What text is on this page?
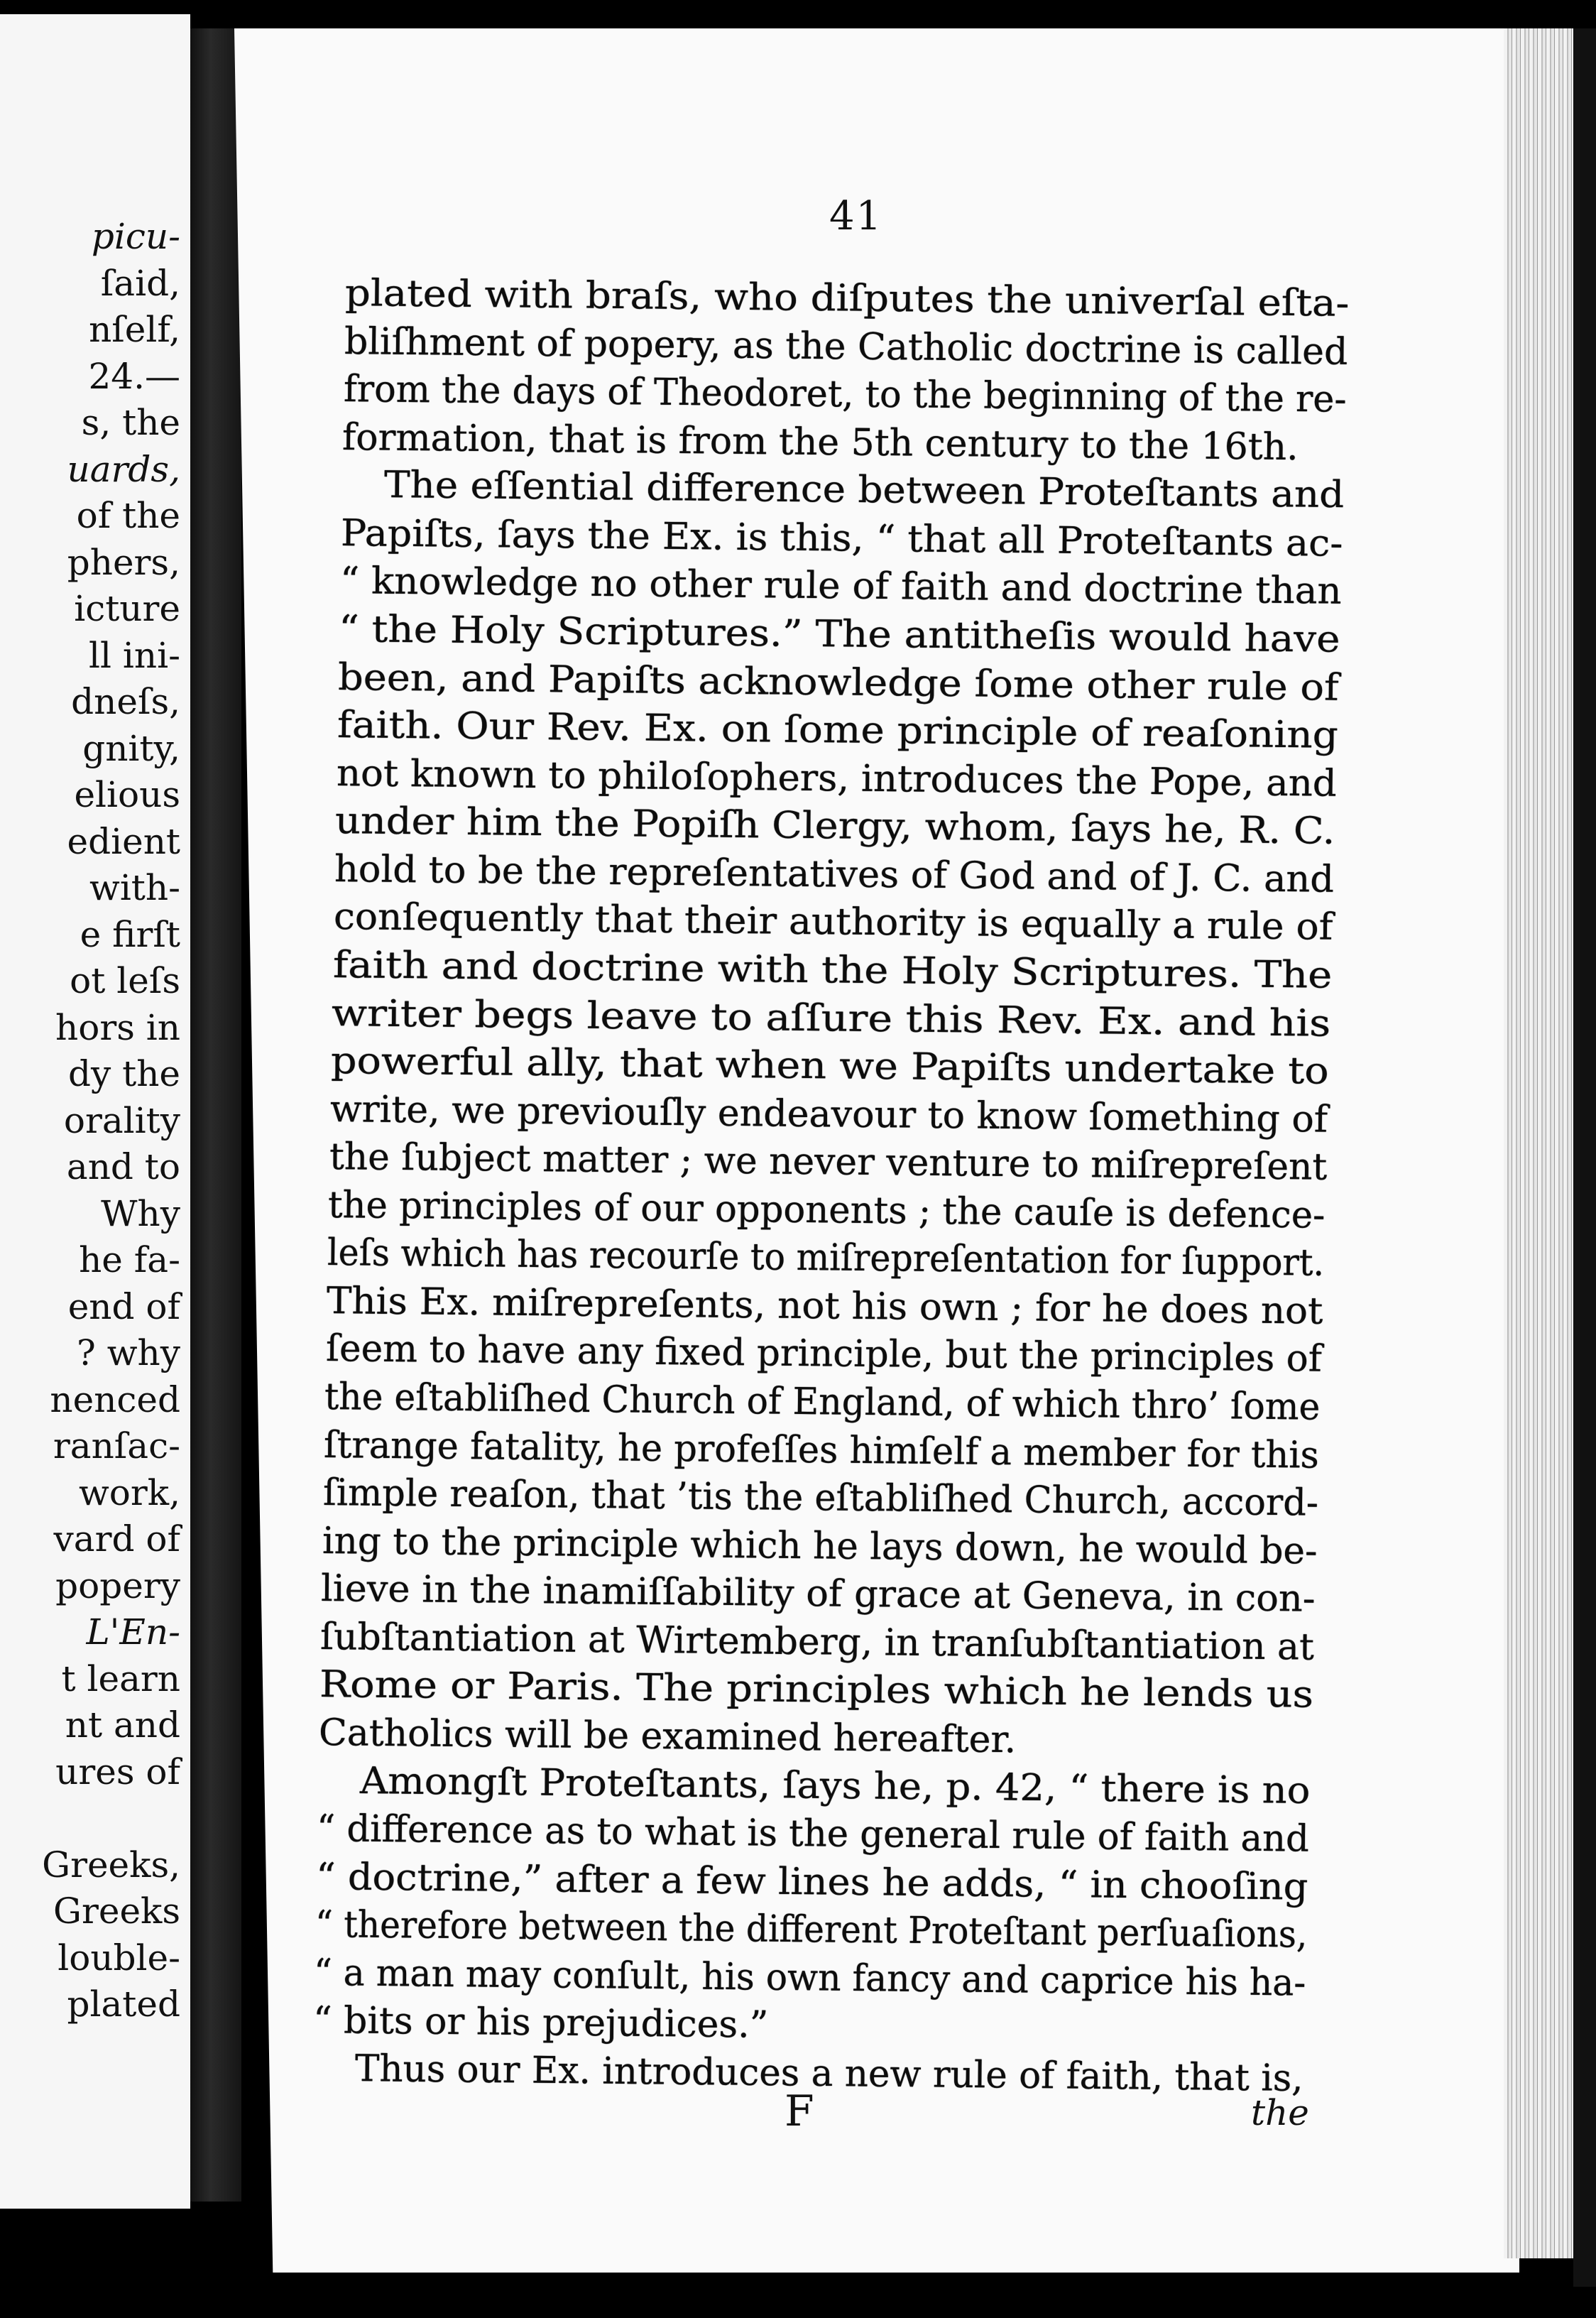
picu-
ſaid,
nſelf,
24.—
s, the
uards,
of the
phers,
icture
ll ini-
dneſs,
gnity,
elious
edient
with-
e firſt
ot leſs
hors in
dy the
orality
and to
Why
he fa-
end of
? why
nenced
ranſac-
work,
vard of
popery
L'En-
t learn
nt and
ures of
Greeks,
Greeks
louble-
plated
41
plated with braſs, who diſputes the univerſal eſta-
bliſhment of popery, as the Catholic doctrine is called
from the days of Theodoret, to the beginning of the re-
formation, that is from the 5th century to the 16th.
The eſſential difference between Proteſtants and
Papiſts, ſays the Ex. is this, “ that all Proteſtants ac-
“ knowledge no other rule of faith and doctrine than
“ the Holy Scriptures.” The antitheſis would have
been, and Papiſts acknowledge ſome other rule of
faith. Our Rev. Ex. on ſome principle of reaſoning
not known to philoſophers, introduces the Pope, and
under him the Popiſh Clergy, whom, ſays he, R. C.
hold to be the repreſentatives of God and of J. C. and
conſequently that their authority is equally a rule of
faith and doctrine with the Holy Scriptures. The
writer begs leave to aſſure this Rev. Ex. and his
powerful ally, that when we Papiſts undertake to
write, we previouſly endeavour to know ſomething of
the ſubject matter ; we never venture to miſrepreſent
the principles of our opponents ; the cauſe is defence-
leſs which has recourſe to miſrepreſentation for ſupport.
This Ex. miſrepreſents, not his own ; for he does not
ſeem to have any fixed principle, but the principles of
the eſtabliſhed Church of England, of which thro’ ſome
ſtrange fatality, he profeſſes himſelf a member for this
ſimple reaſon, that ’tis the eſtabliſhed Church, accord-
ing to the principle which he lays down, he would be-
lieve in the inamiſſability of grace at Geneva, in con-
ſubſtantiation at Wirtemberg, in tranſubſtantiation at
Rome or Paris. The principles which he lends us
Catholics will be examined hereafter.
Amongſt Proteſtants, ſays he, p. 42, “ there is no
“ difference as to what is the general rule of faith and
“ doctrine,” after a few lines he adds, “ in chooſing
“ therefore between the different Proteſtant perſuaſions,
“ a man may conſult, his own fancy and caprice his ha-
“ bits or his prejudices.”
Thus our Ex. introduces a new rule of faith, that is,
F	the
